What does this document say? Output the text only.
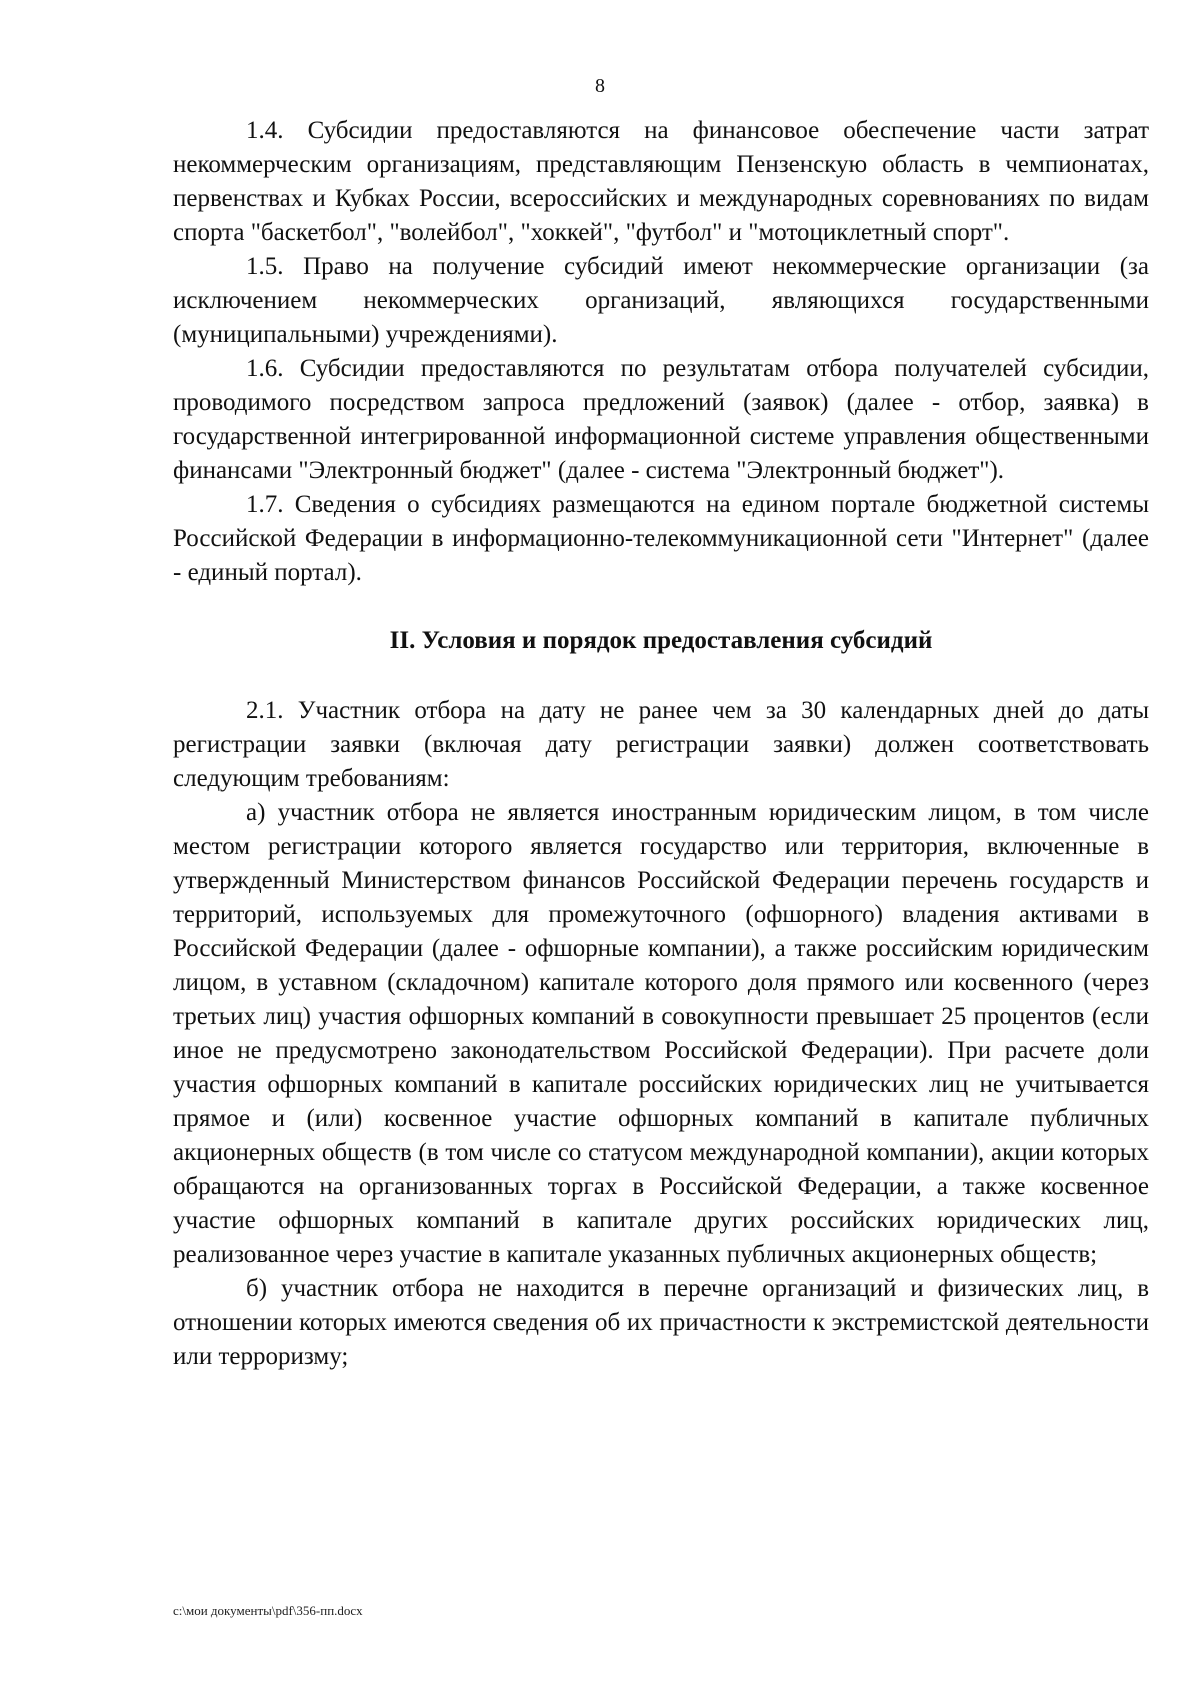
8

1.4. Субсидии предоставляются на финансовое обеспечение части затрат некоммерческим организациям, представляющим Пензенскую область в чемпионатах, первенствах и Кубках России, всероссийских и международных соревнованиях по видам спорта "баскетбол", "волейбол", "хоккей", "футбол" и "мотоциклетный спорт".

1.5. Право на получение субсидий имеют некоммерческие организации (за исключением некоммерческих организаций, являющихся государственными (муниципальными) учреждениями).

1.6. Субсидии предоставляются по результатам отбора получателей субсидии, проводимого посредством запроса предложений (заявок) (далее - отбор, заявка) в государственной интегрированной информационной системе управления общественными финансами "Электронный бюджет" (далее - система "Электронный бюджет").

1.7. Сведения о субсидиях размещаются на едином портале бюджетной системы Российской Федерации в информационно-телекоммуникационной сети "Интернет" (далее - единый портал).

II. Условия и порядок предоставления субсидий

2.1. Участник отбора на дату не ранее чем за 30 календарных дней до даты регистрации заявки (включая дату регистрации заявки) должен соответствовать следующим требованиям:

а) участник отбора не является иностранным юридическим лицом, в том числе местом регистрации которого является государство или территория, включенные в утвержденный Министерством финансов Российской Федерации перечень государств и территорий, используемых для промежуточного (офшорного) владения активами в Российской Федерации (далее - офшорные компании), а также российским юридическим лицом, в уставном (складочном) капитале которого доля прямого или косвенного (через третьих лиц) участия офшорных компаний в совокупности превышает 25 процентов (если иное не предусмотрено законодательством Российской Федерации). При расчете доли участия офшорных компаний в капитале российских юридических лиц не учитывается прямое и (или) косвенное участие офшорных компаний в капитале публичных акционерных обществ (в том числе со статусом международной компании), акции которых обращаются на организованных торгах в Российской Федерации, а также косвенное участие офшорных компаний в капитале других российских юридических лиц, реализованное через участие в капитале указанных публичных акционерных обществ;

б) участник отбора не находится в перечне организаций и физических лиц, в отношении которых имеются сведения об их причастности к экстремистской деятельности или терроризму;

c:\мои документы\pdf\356-пп.docx
